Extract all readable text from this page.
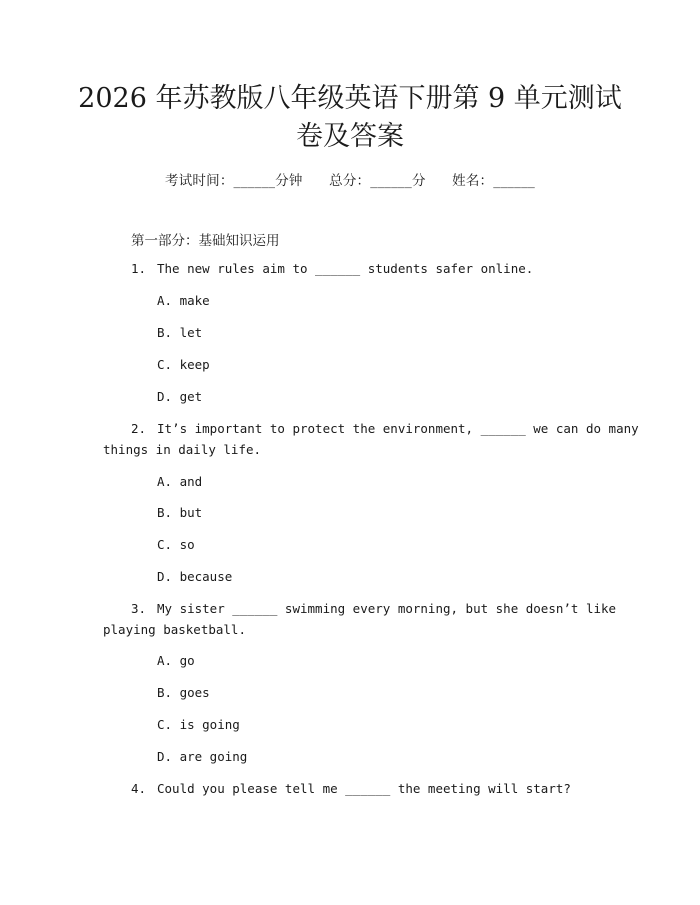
2026 年苏教版八年级英语下册第 9 单元测试
卷及答案
考试时间：______分钟 总分：______分 姓名：______
第一部分：基础知识运用
1. The new rules aim to ______ students safer online.
A. make
B. let
C. keep
D. get
2. It’s important to protect the environment, ______ we can do many
things in daily life.
A. and
B. but
C. so
D. because
3. My sister ______ swimming every morning, but she doesn’t like
playing basketball.
A. go
B. goes
C. is going
D. are going
4. Could you please tell me ______ the meeting will start?
